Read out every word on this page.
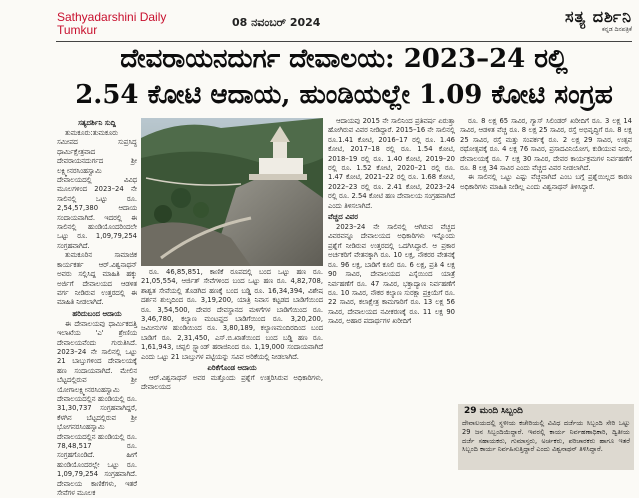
Sathyadarshini Daily
Tumkur
08 ನವಂಬರ್ 2024	ಸತ್ಯ ದರ್ಶಿನಿ
ಕನ್ನಡ ದಿನಪತ್ರಿಕೆ
ದೇವರಾಯನದುರ್ಗ ದೇವಾಲಯ: 2023–24 ರಲ್ಲಿ
2.54 ಕೋಟಿ ಆದಾಯ, ಹುಂಡಿಯಲ್ಲೇ 1.09 ಕೋಟಿ ಸಂಗ್ರಹ
ಸತ್ಯದರ್ಶಿನಿ ಸುದ್ದಿ

ತುಮಕೂರು:ತುಮಕೂರು ಸಮೀಪದ ಸುಪ್ರಸಿದ್ಧ ಧಾರ್ಮಿಕ್ಷೇತ್ರವಾದ ದೇವರಾಯನದುರ್ಗದ ಶ್ರೀ ಲಕ್ಷ್ಮೀನರಸಿಂಹಸ್ವಾಮಿ ದೇವಾಲಯದಲ್ಲಿ ವಿವಿಧ ಮೂಲಗಳಿಂದ 2023–24 ನೇ ಸಾಲಿನಲ್ಲಿ ಒಟ್ಟು ರೂ. 2,54,57,380 ಆದಾಯ ಸಂದಾಯವಾಗಿದೆ. ಇದರಲ್ಲಿ ಈ ಸಾಲಿನಲ್ಲಿ ಹುಂಡಿಯೊಂದರಿಂದಲೇ ಒಟ್ಟು ರೂ. 1,09,79,254 ಸಂಗ್ರಹವಾಗಿದೆ.

ತುಮಕೂರಿನ ಸಾಮಾಜಿಕ ಕಾರ್ಯಕರ್ತ ಆರ್.ವಿಶ್ವನಾಥನ್ ಅವರು ಸಲ್ಲಿಸಿದ್ದ ಮಾಹಿತಿ ಹಕ್ಕು ಅರ್ಜಿಗೆ ದೇವಾಲಯದ ಆಡಳಿತ ವರ್ಗ ನೀಡಿರುವ ಉತ್ತರದಲ್ಲಿ ಈ ಮಾಹಿತಿ ನೀಡಲಾಗಿದೆ.

ಹರಿದುಬಂದ ಆದಾಯ

ಈ ದೇವಾಲಯವು ಧಾರ್ಮಿಕದತ್ತಿ ಇಲಾಖೆಯ 'ಎ' ಶ್ರೇಣಿಯ ದೇವಾಲಯವೆಂದು ಗುರುತಿಸಿದೆ. 2023–24 ನೇ ಸಾಲಿನಲ್ಲಿ ಒಟ್ಟು 21 ಬಾಬ್ತುಗಳಿಂದ ದೇವಾಲಯಕ್ಕೆ ಹಣ ಸಂದಾಯವಾಗಿದೆ. ಮೇಲಿನ ಬೆಟ್ಟದಲ್ಲಿರುವ ಶ್ರೀ ಯೋಗಾಲಕ್ಷ್ಮೀನರಸಿಂಹಸ್ವಾಮಿ ದೇವಾಲಯದಲ್ಲಿನ ಹುಂಡಿಯಲ್ಲಿ ರೂ. 31,30,737 ಸಂಗ್ರಹವಾಗಿದ್ದರೆ, ಕೆಳಗಿನ ಬೆಟ್ಟದಲ್ಲಿರುವ ಶ್ರೀ ಭೋಗನರಸಿಂಹಸ್ವಾಮಿ ದೇವಾಲಯದಲ್ಲಿನ ಹುಂಡಿಯಲ್ಲಿ ರೂ. 78,48,517 ರೂ. ಸಂಗ್ರಹಗೊಂಡಿದೆ. ಹೀಗೆ ಹುಂಡಿಯೊಂದರಲ್ಲೇ ಒಟ್ಟು ರೂ. 1,09,79,254 ಸಂಗ್ರಹವಾಗಿದೆ. ದೇವಾಲಯ ಕಾಣಿಕೆಗಳು, ಇತರೆ ಸೇವೆಗಳ ಮೂಲಕ

ರೂ. 46,85,851, ಕಾಣಿಕೆ ರೂಪದಲ್ಲಿ ಬಂದ ಒಟ್ಟು ಹಣ ರೂ. 21,05,554, ಆರ್ಜಿತ್ ಸೇವೆಗಳಿಂದ ಬಂದ ಒಟ್ಟು ಹಣ ರೂ. 4,82,708, ಶಾಶ್ವತ ಸೇವೆಯಲ್ಲಿ ತೊಡಗಿದ ಹಣಕ್ಕೆ ಬಂದ ಬಡ್ಡಿ ರೂ. 16,34,394, ವಿಶೇಷ ದರ್ಶನ ಶುಲ್ಕದಿಂದ ರೂ. 3,19,200, ಯಾತ್ರಿ ನಿವಾಸ ಕಟ್ಟಡದ ಬಾಡಿಗೆಯಿಂದ ರೂ. 3,54,500, ದೇವರ ದೇವಸ್ಥಾನದ ಮಳಿಗೆಗಳ ಬಾಡಿಗೆಯಿಂದ ರೂ. 3,46,780, ಕಲ್ಯಾಣ ಮಂಟಪ್ದದ ಬಾಡಿಗೆಯಿಂದ ರೂ. 3,20,200, ಜಮೀನುಗಳ ಹುಂಡಿಯಿಂದ ರೂ. 3,80,189, ಕಲ್ಯಾಣಮಂದಿರದಿಂದ ಬಂದ ಬಾಡಿಗೆ ರೂ. 2,31,450, ಎಸ್.ಬಿ.ಖಾತೆಯಿಂದ ಬಂದ ಬಡ್ಡಿ ಹಣ ರೂ. 1,61,943, ಚಪ್ಪಲಿ ಸ್ಟ್ಯಾಂಡ್ ಹರಾಜಿನಿಂದ ರೂ. 1,19,000 ಸಂದಾಯವಾಗಿದೆ ಎಂದು ಒಟ್ಟು 21 ಬಾಬ್ತುಗಳ ಪಟ್ಟಿಯನ್ನು ಸವಿವ ಅರಿಕೆಯಲ್ಲಿ ನೀಡಲಾಗಿದೆ.

ಏರಿಕೆಗೊಂಡ ಆದಾಯ

ಆರ್.ವಿಶ್ವನಾಥನ್ ಅವರ ಮತ್ತೊಂದು ಪ್ರಶ್ನೆಗೆ ಉತ್ತರಿಸಿರುವ ಅಧಿಕಾರಿಗಳು, ದೇವಾಲಯದ

ಆದಾಯವು 2015 ನೇ ಸಾಲಿನಿಂದ ಪ್ರತಿವರ್ಷ ಏರುತ್ತಾ ಹೋಗಿರುವ ವಿವರ ನೀಡಿದ್ದಾರೆ. 2015–16 ನೇ ಸಾಲಿನಲ್ಲಿ ರೂ.1.41 ಕೋಟಿ, 2016–17 ರಲ್ಲಿ ರೂ. 1.46 ಕೋಟಿ, 2017–18 ರಲ್ಲಿ ರೂ. 1.54 ಕೋಟಿ, 2018–19 ರಲ್ಲಿ ರೂ. 1.40 ಕೋಟಿ, 2019–20 ರಲ್ಲಿ ರೂ. 1.52 ಕೋಟಿ, 2020–21 ರಲ್ಲಿ ರೂ. 1.47 ಕೋಟಿ, 2021–22 ರಲ್ಲಿ ರೂ. 1.68 ಕೋಟಿ, 2022–23 ರಲ್ಲಿ ರೂ. 2.41 ಕೋಟಿ, 2023–24 ರಲ್ಲಿ ರೂ. 2.54 ಕೋಟಿ ಹಣ ದೇವಾಲಯ ಸಂಗ್ರಹವಾಗಿದೆ ಎಂದು ತಿಳಿಸಲಾಗಿದೆ.

ವೆಚ್ಚದ ವಿವರ

2023–24 ನೇ ಸಾಲಿನಲ್ಲಿ ಆಗಿರುವ ವೆಚ್ಚದ ವಿವರವನ್ನೂ ದೇವಾಲಯದ ಅಧಿಕಾರಿಗಳು ಇನ್ನೊಂದು ಪ್ರಶ್ನೆಗೆ ನೀಡಿರುವ ಉತ್ತರದಲ್ಲಿ ಒದಗಿಸಿದ್ದಾರೆ. ಆ ಪ್ರಕಾರ ಅರ್ಚಕರಿಗೆ ವೇತನಕ್ಕಾಗಿ ರೂ. 10 ಲಕ್ಷ, ನೌಕರರ ವೇತನಕ್ಕೆ ರೂ. 96 ಲಕ್ಷ, ಬಾಡಿಗೆ ಕೂಲಿ ರೂ. 6 ಲಕ್ಷ, ಪ್ರತಿ 4 ಲಕ್ಷ 90 ಸಾವಿರ, ದೇವಾಲಯದ ಎಸ್ಕೆಯಿಂದ ಯಾತ್ರೆ ನಿರ್ವಹಣೆಗೆ ರೂ. 47 ಸಾವಿರ, ಭಕ್ತಾದ್ಯಾಣ ನಿರ್ವಹಣೆಗೆ ರೂ. 10 ಸಾವಿರ, ನೌಕರ ಕಲ್ಯಾಣ ಸುರಕ್ಷಾ ಪ್ರಕ್ರಿಯೆಗೆ ರೂ. 22 ಸಾವಿರ, ಕಲಾಕ್ಷೇತ್ರ ಕಾಮಗಾರಿಗೆ ರೂ. 13 ಲಕ್ಷ 56 ಸಾವಿರ, ದೇವಾಲಯದ ನವೀಕರಣಕ್ಕೆ ರೂ. 11 ಲಕ್ಷ 90 ಸಾವಿರ, ಅಹಾರ ಪದಾರ್ಥಗಳ ಖರೀದಿಗೆ

ರೂ. 8 ಲಕ್ಷ 65 ಸಾವಿರ, ಗ್ಯಾಸ್ ಸಿಲಿಂಡರ್ ಖರೀದಿಗೆ ರೂ. 3 ಲಕ್ಷ 14 ಸಾವಿರ, ಆಡಳಿತ ವೆಚ್ಚ ರೂ. 8 ಲಕ್ಷ 25 ಸಾವಿರ, ರಸ್ತೆ ಅಭಿವೃದ್ಧಿಗೆ ರೂ. 8 ಲಕ್ಷ 25 ಸಾವಿರ, ರಸ್ತೆ ಮತ್ತು ಸಂಪರ್ಕಕ್ಕೆ ರೂ. 2 ಲಕ್ಷ 29 ಸಾವಿರ, ಉತ್ಸವ ರಥೋತ್ಸವಕ್ಕೆ ರೂ. 4 ಲಕ್ಷ 76 ಸಾವಿರ, ಪ್ರಸಾದವಿನಿಯೋಗ, ಕುಡಿಯುವ ನೀರು, ದೇವಾಲಯಕ್ಕೆ ರೂ. 7 ಲಕ್ಷ 30 ಸಾವಿರ, ದೇವರ ಕಾರ್ಯಕ್ರಮಗಳ ನಿರ್ವಹಣೆಗೆ ರೂ. 8 ಲಕ್ಷ 34 ಸಾವಿರ ಎಂದು ವೆಚ್ಚದ ವಿವರ ನೀಡಲಾಗಿದೆ.

ಈ ಸಾಲಿನಲ್ಲಿ ಒಟ್ಟು ಎಷ್ಟು ವೆಚ್ಚವಾಗಿದೆ ಎಂಬ ಬಗ್ಗೆ ಪ್ರಶ್ನೆಯಿಲ್ಲದ ಕಾರಣ ಅಧಿಕಾರಿಗಳು ಮಾಹಿತಿ ನೀಡಿಲ್ಲ ಎಂದು ವಿಶ್ವನಾಥನ್ ತಿಳಿಸಿದ್ದಾರೆ.

29 ಮಂದಿ ಸಿಬ್ಬಂದಿ
ದೇವಾಲಯದಲ್ಲಿ ಸ್ಥಳೀಯ ಕಚೇರಿಯಲ್ಲಿ ವಿವಿಧ ದರ್ಜೆಯ ಸಿಬ್ಬಂದಿ ಸೇರಿ ಒಟ್ಟು 29 ಜನ ಸಿಬ್ಬಂದಿಯಿದ್ದಾರೆ. ಇವರಲ್ಲಿ ಕಾರ್ಯ ನಿರ್ವಹಣಾಧಿಕಾರಿ, ದ್ವಿತೀಯ ದರ್ಜೆ ಸಹಾಯಕರು, ಗುಮಾಸ್ತರು, ಅರ್ಚಕರು, ಪರಿಚಾರಕರು ಹಾಗೂ ಇತರೆ ಸಿಬ್ಬಂದಿ ಕಾರ್ಯ ನಿರ್ವಹಿಸುತ್ತಿದ್ದಾರೆ ಎಂದು ವಿಶ್ವನಾಥನ್ ತಿಳಿಸಿದ್ದಾರೆ.
